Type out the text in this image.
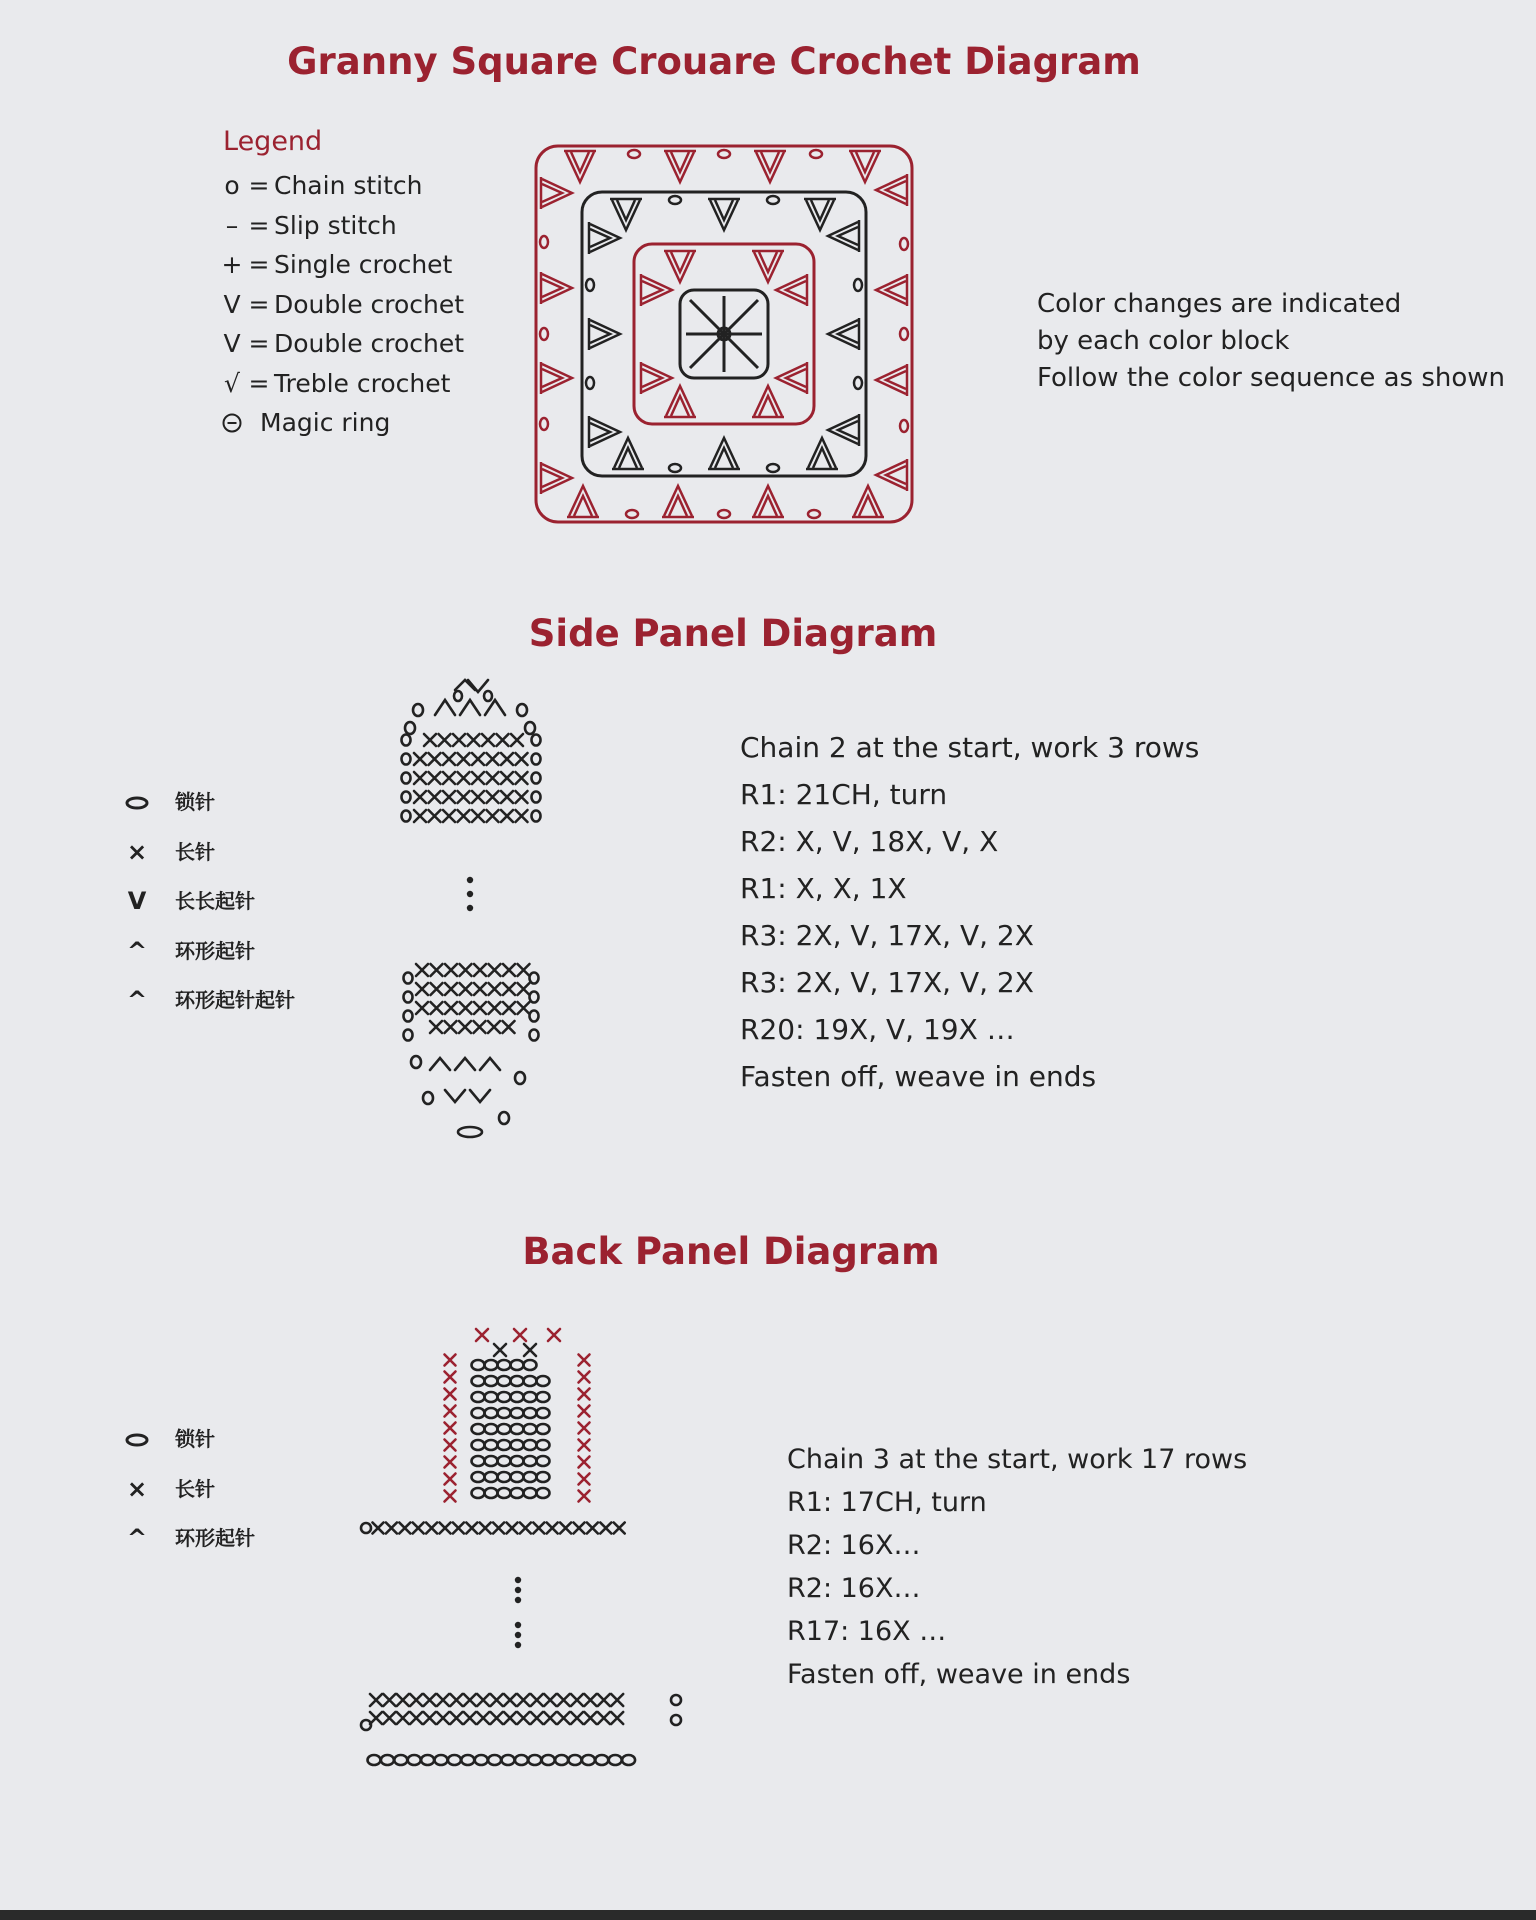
Granny Square Crouare Crochet Diagram
Side Panel Diagram
Back Panel Diagram
Legend
o = Chain stitch
– = Slip stitch
+ = Single crochet
V = Double crochet
V = Double crochet
√ = Treble crochet
Magic ring
Color changes are indicated
by each color block
Follow the color sequence as shown
锁针
×	长针
V	长长起针
^	环形起针
^	环形起针起针
Chain 2 at the start, work 3 rows
R1: 21CH, turn
R2: X, V, 18X, V, X
R1: X, X, 1X
R3: 2X, V, 17X, V, 2X
R3: 2X, V, 17X, V, 2X
R20: 19X, V, 19X …
Fasten off, weave in ends
锁针
×	长针
^	环形起针
Chain 3 at the start, work 17 rows
R1: 17CH, turn
R2: 16X…
R2: 16X…
R17: 16X …
Fasten off, weave in ends
